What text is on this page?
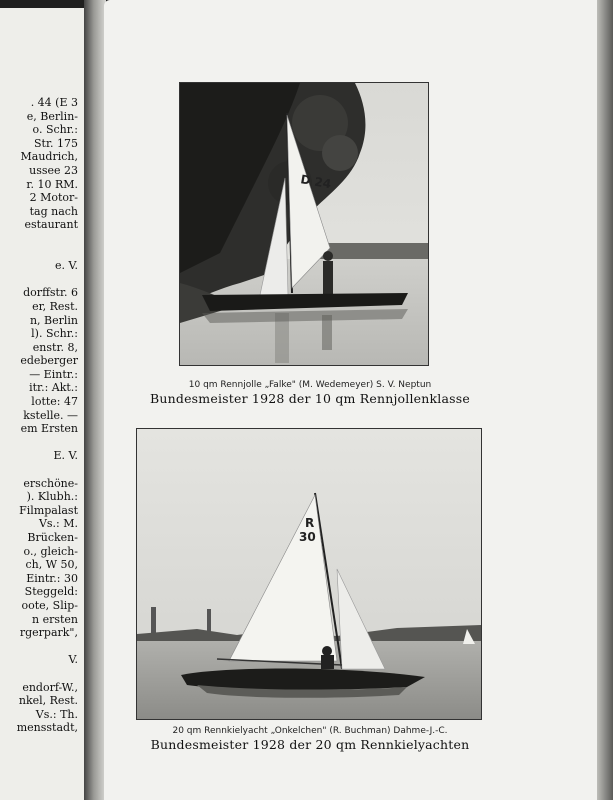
. 44 (E 3
e, Berlin-
o. Schr.:
Str. 175
Maudrich,
ussee 23
r. 10 RM.
2 Motor-
tag nach
estaurant

e. V.

dorffstr. 6
er, Rest.
n, Berlin
l). Schr.:
enstr. 8,
edeberger
— Eintr.:
itr.: Akt.:
lotte: 47
kstelle. —
em Ersten

E. V.

erschöne-
). Klubh.:
Filmpalast
Vs.: M.
Brücken-
o., gleich-
ch, W 50,
Eintr.: 30
Steggeld:
oote, Slip-
n ersten
rgerpark",

V.

endorf-W.,
nkel, Rest.
Vs.: Th.
mensstadt,
D 24
10 qm Rennjolle „Falke" (M. Wedemeyer) S. V. Neptun
Bundesmeister 1928 der 10 qm Rennjollenklasse
R
30
20 qm Rennkielyacht „Onkelchen" (R. Buchman) Dahme-J.-C.
Bundesmeister 1928 der 20 qm Rennkielyachten
